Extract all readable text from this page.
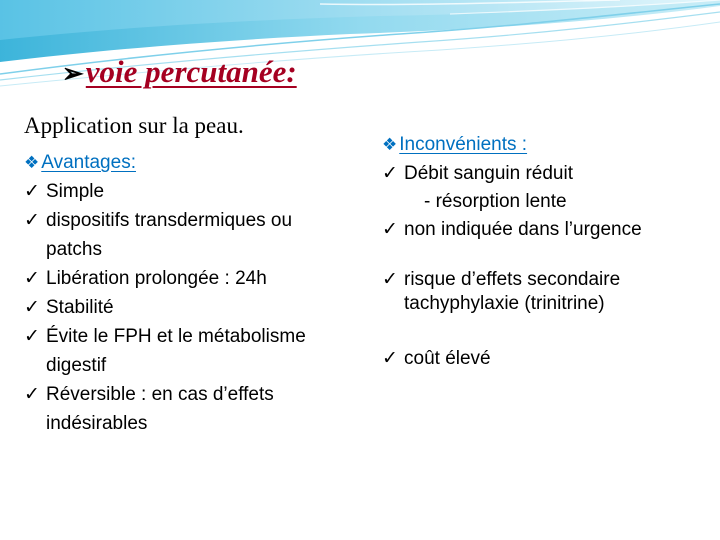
➢voie percutanée:
Application sur la peau.
❖ Avantages:
✓ Simple
✓ dispositifs transdermiques ou
patchs
✓ Libération prolongée : 24h
✓ Stabilité
✓ Évite le FPH et le métabolisme
digestif
✓ Réversible : en cas d’effets
indésirables
❖ Inconvénients :
✓ Débit sanguin réduit
- résorption lente
✓ non indiquée dans l’urgence
✓ risque d’effets secondaire
tachyphylaxie (trinitrine)
✓ coût élevé
